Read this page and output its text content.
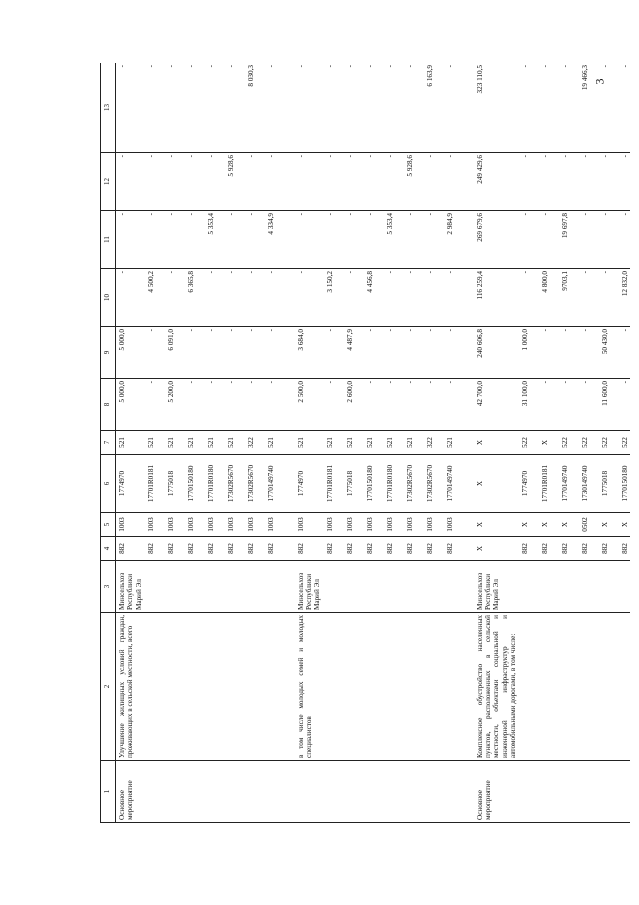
3
1	2	3	4	5	6	7	8	9	10	11	12	13
Основное мероприятие	Улучшение жилищных условий граждан, проживающих в сельской местности, всего	Минсельхоз Республики Марий Эл	882	1003	1774970	521	5 000,0	5 000,0	-	-	-	-
			882	1003	17701R0181	521	-	-	4 500,2	-	-	-
			882	1003	1775018	521	5 200,0	6 091,0	-	-	-	-
			882	1003	1770150180	521	-	-	6 365,8	-	-	-
			882	1003	17701R0180	521	-	-	-	5 353,4	-	-
			882	1003	17302R5670	521	-	-	-	-	5 928,6	-
			882	1003	17302R5670	322	-	-	-	-	-	8 030,3
			882	1003	1770149740	521	-	-	-	4 334,9	-	-

	в том числе молодых семей и молодых специалистов	Минсельхоз Республики Марий Эл	882	1003	1774970	521	2 500,0	3 684,0	-	-	-	-
			882	1003	17701R0181	521	-	-	3 150,2	-	-	-
			882	1003	1775018	521	2 600,0	4 487,9	-	-	-	-
			882	1003	1770150180	521	-	-	4 456,8	-	-	-
			882	1003	17701R0180	521	-	-	-	5 353,4	-	-
			882	1003	17302R5670	521	-	-	-	-	5 928,6	-
			882	1003	17302R5670	322	-	-	-	-	-	6 163,9
			882	1003	1770149740	521	-	-	-	2 984,9	-	-

Основное мероприятие	Комплексное обустройство населенных пунктов, расположенных в сельской местности, объектами социальной и инженерной инфраструктур и автомобильными дорогами, в том числе:	Минсельхоз Республики Марий Эл	X	X	X	X	42 700,0	240 606,8	116 259,4	269 679,6	249 429,6	323 110,5
			882	X	1774970	522	31 100,0	1 000,0	-	-	-	-
			882	X	17701R0181	X	-	-	4 800,0	-	-	-
			882	X	1770149740	522	-	-	9703,1	19 697,8	-	-
			882	0502	1730149740	522	-	-	-	-	-	19 466,3
			882	X	1775018	522	11 600,0	50 430,0	-	-	-	-
			882	X	1770150180	522	-	-	12 832,0	-	-	-
